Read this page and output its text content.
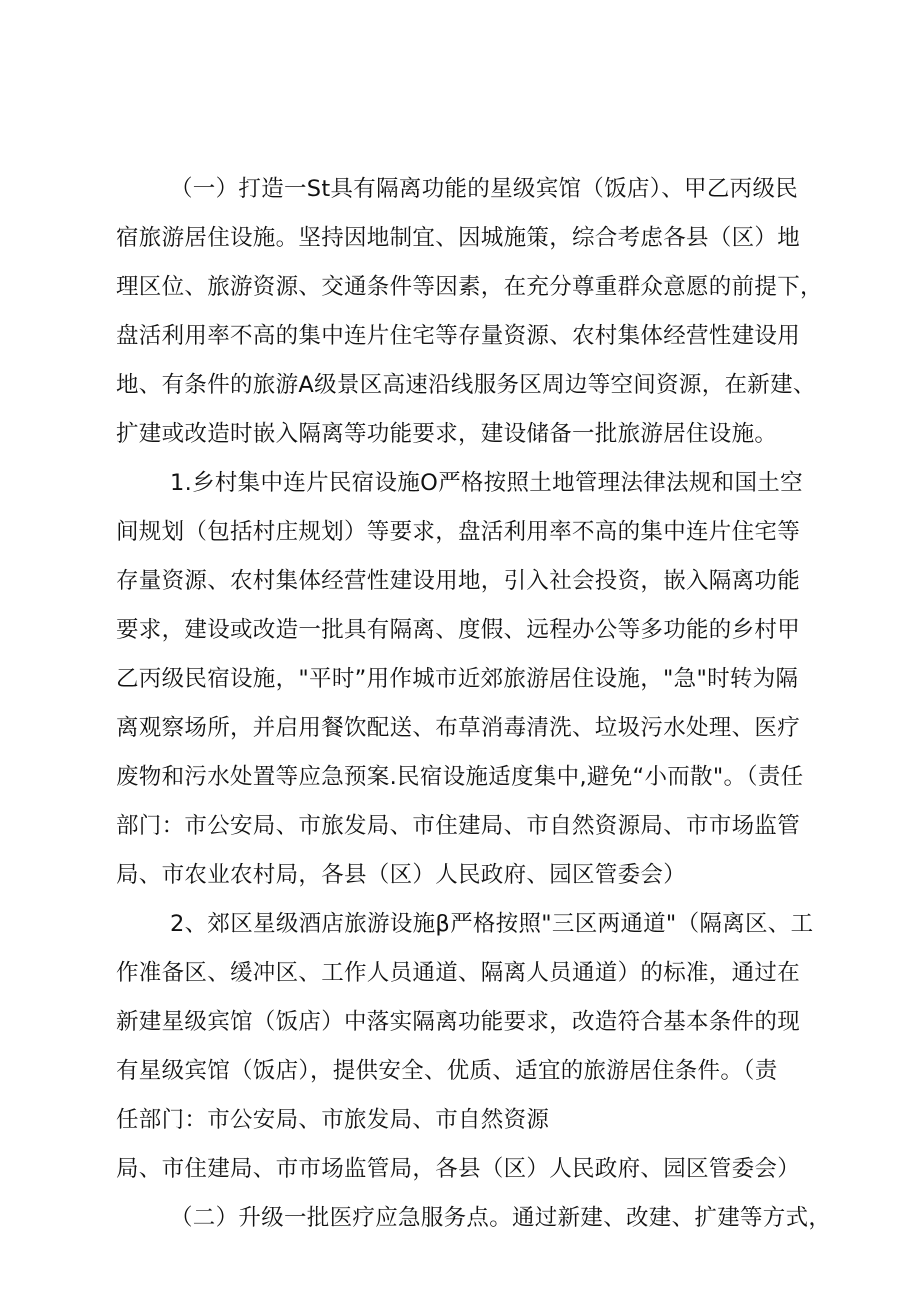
（一）打造一St具有隔离功能的星级宾馆（饭店）、甲乙丙级民
宿旅游居住设施。坚持因地制宜、因城施策，综合考虑各县（区）地
理区位、旅游资源、交通条件等因素，在充分尊重群众意愿的前提下，
盘活利用率不高的集中连片住宅等存量资源、农村集体经营性建设用
地、有条件的旅游A级景区高速沿线服务区周边等空间资源，在新建、
扩建或改造时嵌入隔离等功能要求，建设储备一批旅游居住设施。
1.乡村集中连片民宿设施O严格按照土地管理法律法规和国土空
间规划（包括村庄规划）等要求，盘活利用率不高的集中连片住宅等
存量资源、农村集体经营性建设用地，引入社会投资，嵌入隔离功能
要求，建设或改造一批具有隔离、度假、远程办公等多功能的乡村甲
乙丙级民宿设施，"平时”用作城市近郊旅游居住设施，"急"时转为隔
离观察场所，并启用餐饮配送、布草消毒清洗、垃圾污水处理、医疗
废物和污水处置等应急预案.民宿设施适度集中,避免“小而散"。（责任
部门：市公安局、市旅发局、市住建局、市自然资源局、市市场监管
局、市农业农村局，各县（区）人民政府、园区管委会）
2、郊区星级酒店旅游设施β严格按照"三区两通道"（隔离区、工
作准备区、缓冲区、工作人员通道、隔离人员通道）的标准，通过在
新建星级宾馆（饭店）中落实隔离功能要求，改造符合基本条件的现
有星级宾馆（饭店），提供安全、优质、适宜的旅游居住条件。（责
任部门：市公安局、市旅发局、市自然资源
局、市住建局、市市场监管局，各县（区）人民政府、园区管委会）
（二）升级一批医疗应急服务点。通过新建、改建、扩建等方式，
